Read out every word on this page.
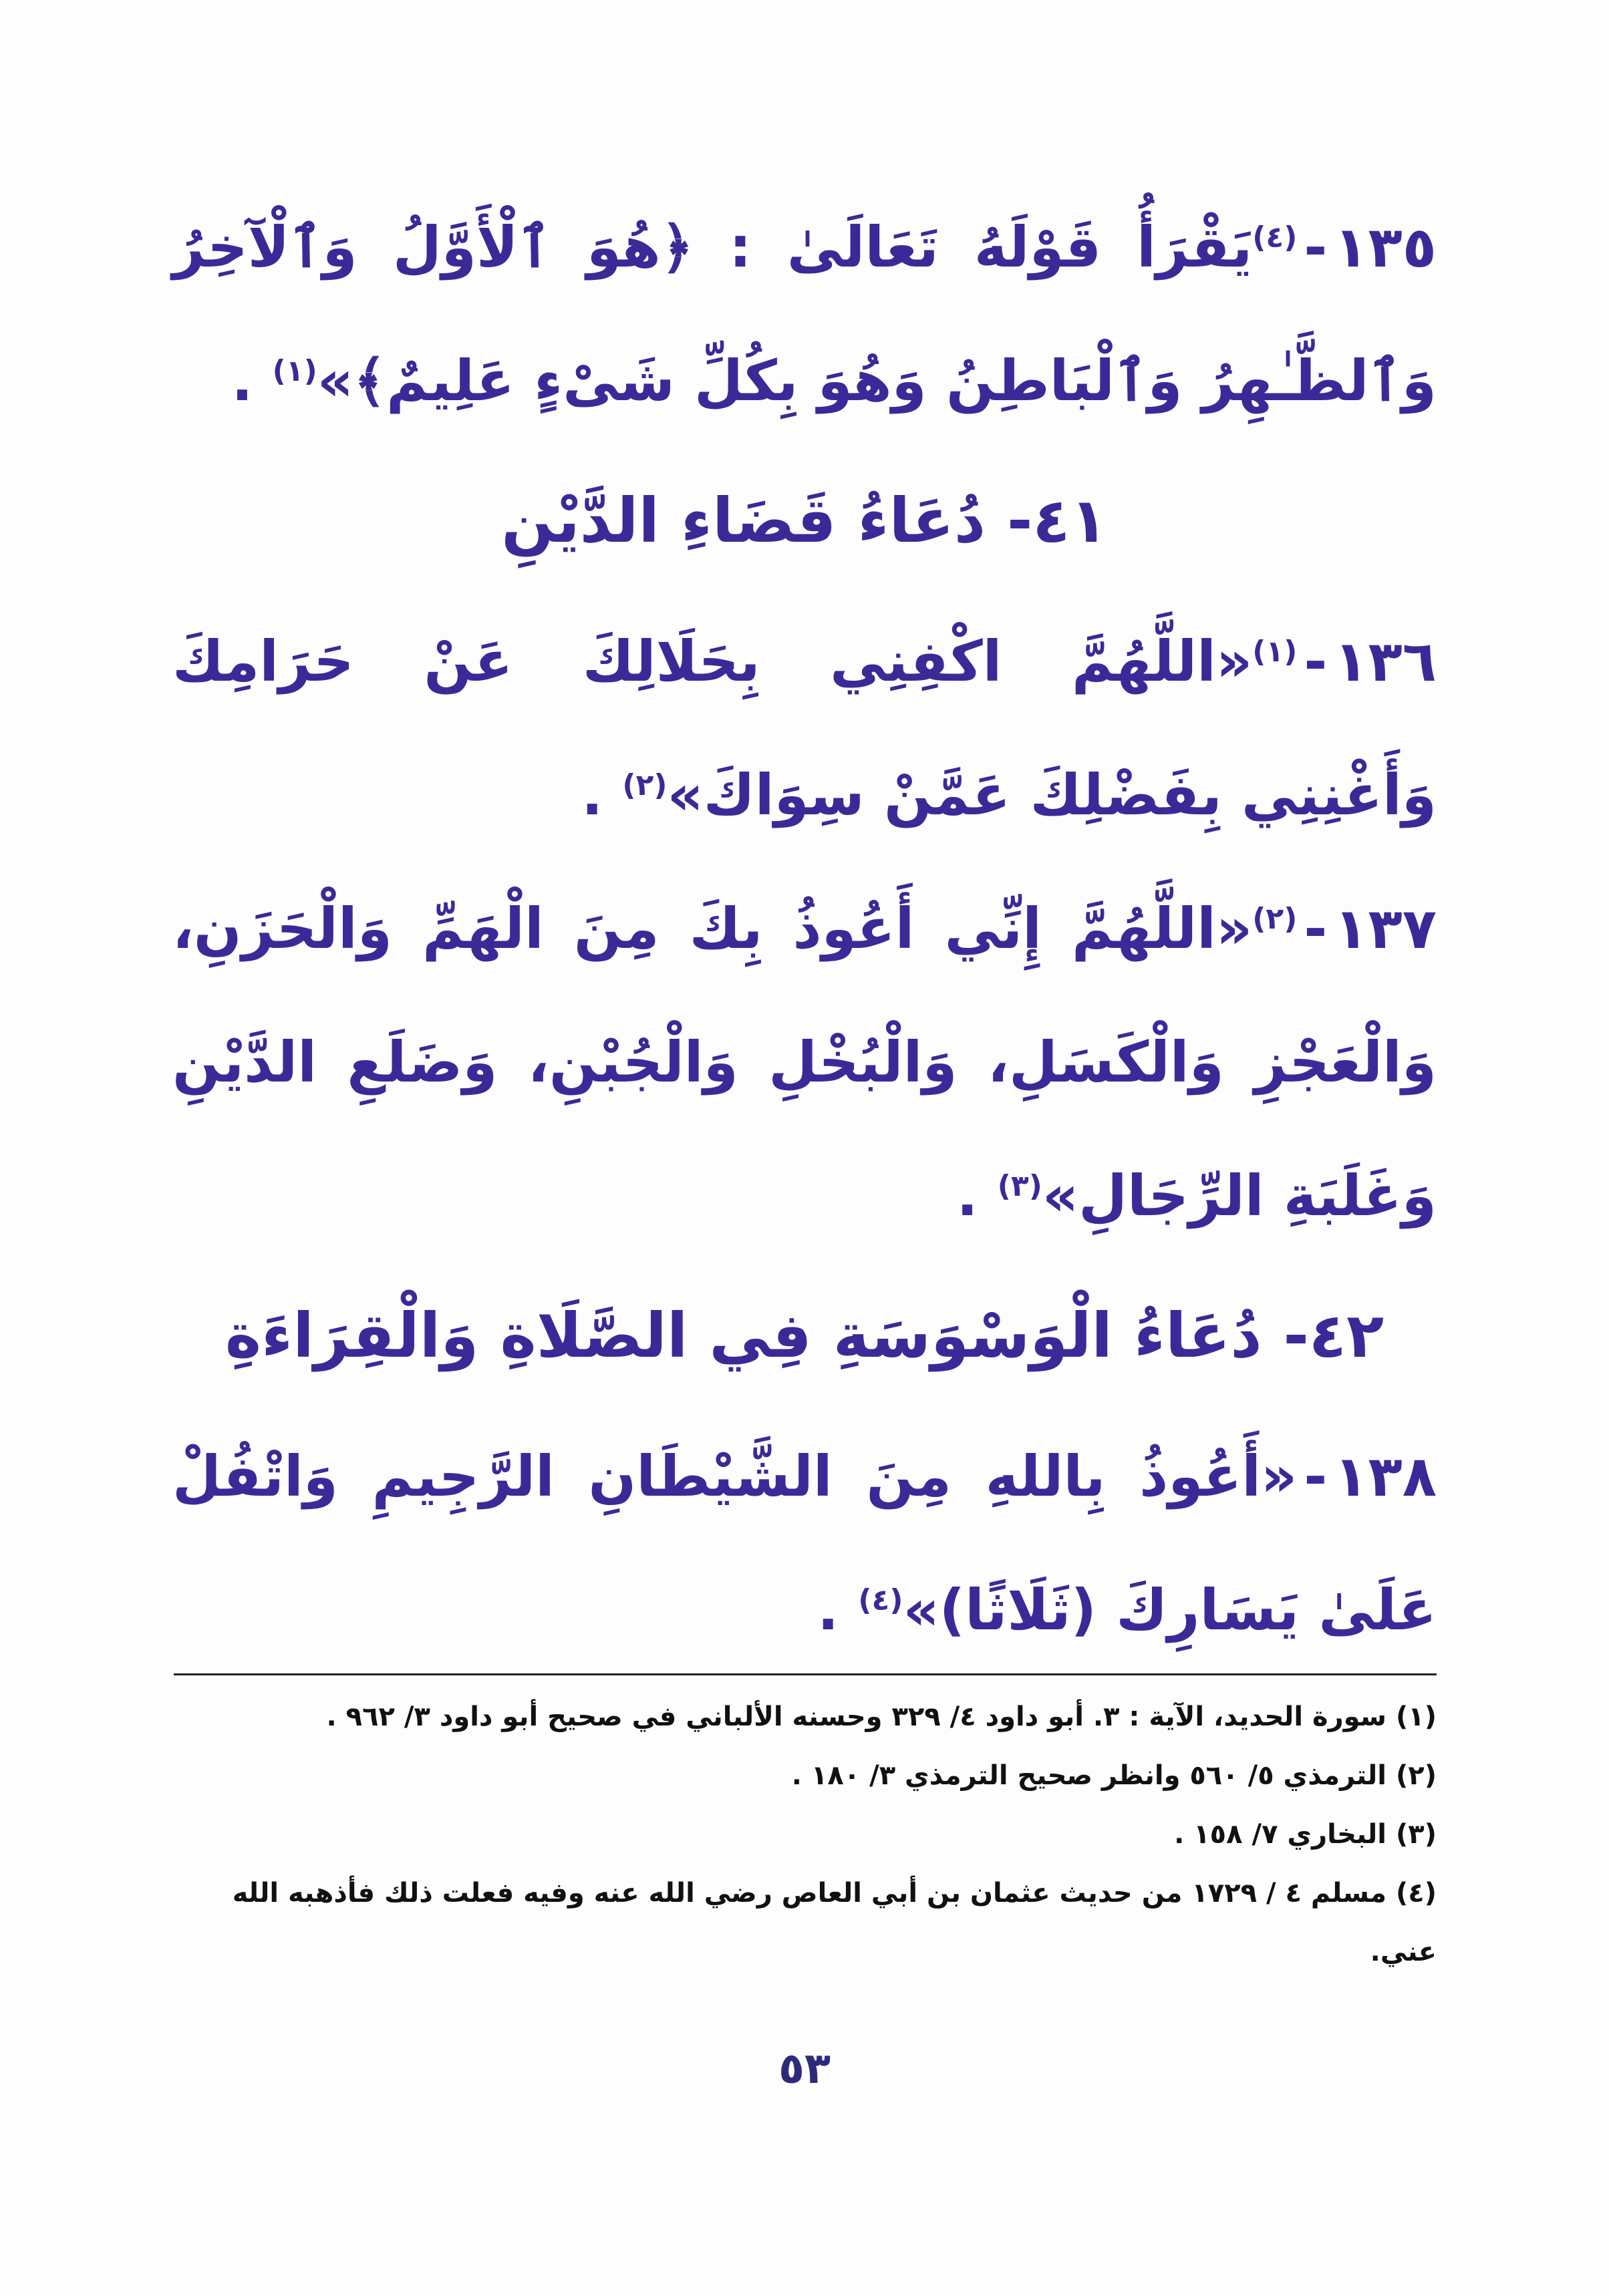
١٣٥-$^{(٤)}$يَقْرَأُ قَوْلَهُ تَعَالَىٰ : ﴿هُوَ ٱلْأَوَّلُ وَٱلْآخِرُ وَٱلظَّـٰهِرُ وَٱلْبَاطِنُ وَهُوَ بِكُلِّ شَىْءٍ عَلِيمٌ﴾»$^{(١)}$ .

٤١- دُعَاءُ قَضَاءِ الدَّيْنِ

١٣٦-$^{(١)}$«اللَّهُمَّ اكْفِنِي بِحَلَالِكَ عَنْ حَرَامِكَ وَأَغْنِنِي بِفَضْلِكَ عَمَّنْ سِوَاكَ»$^{(٢)}$ .

١٣٧-$^{(٢)}$«اللَّهُمَّ إِنِّي أَعُوذُ بِكَ مِنَ الْهَمِّ وَالْحَزَنِ، وَالْعَجْزِ وَالْكَسَلِ، وَالْبُخْلِ وَالْجُبْنِ، وَضَلَعِ الدَّيْنِ وَغَلَبَةِ الرِّجَالِ»$^{(٣)}$ .

٤٢- دُعَاءُ الْوَسْوَسَةِ فِي الصَّلَاةِ وَالْقِرَاءَةِ

١٣٨-«أَعُوذُ بِاللهِ مِنَ الشَّيْطَانِ الرَّجِيمِ وَاتْفُلْ عَلَىٰ يَسَارِكَ (ثَلَاثًا)»$^{(٤)}$ .

(١)سورة الحديد، الآية : ٣. أبو داود ٤/ ٣٢٩ وحسنه الألباني في صحيح أبو داود ٣/ ٩٦٢ .

(٢)الترمذي ٥/ ٥٦٠ وانظر صحيح الترمذي ٣/ ١٨٠ .

(٣)البخاري ٧/ ١٥٨ .

(٤)مسلم ٤ / ١٧٢٩ من حديث عثمان بن أبي العاص رضي الله عنه وفيه فعلت ذلك فأذهبه الله عني.

٥٣
